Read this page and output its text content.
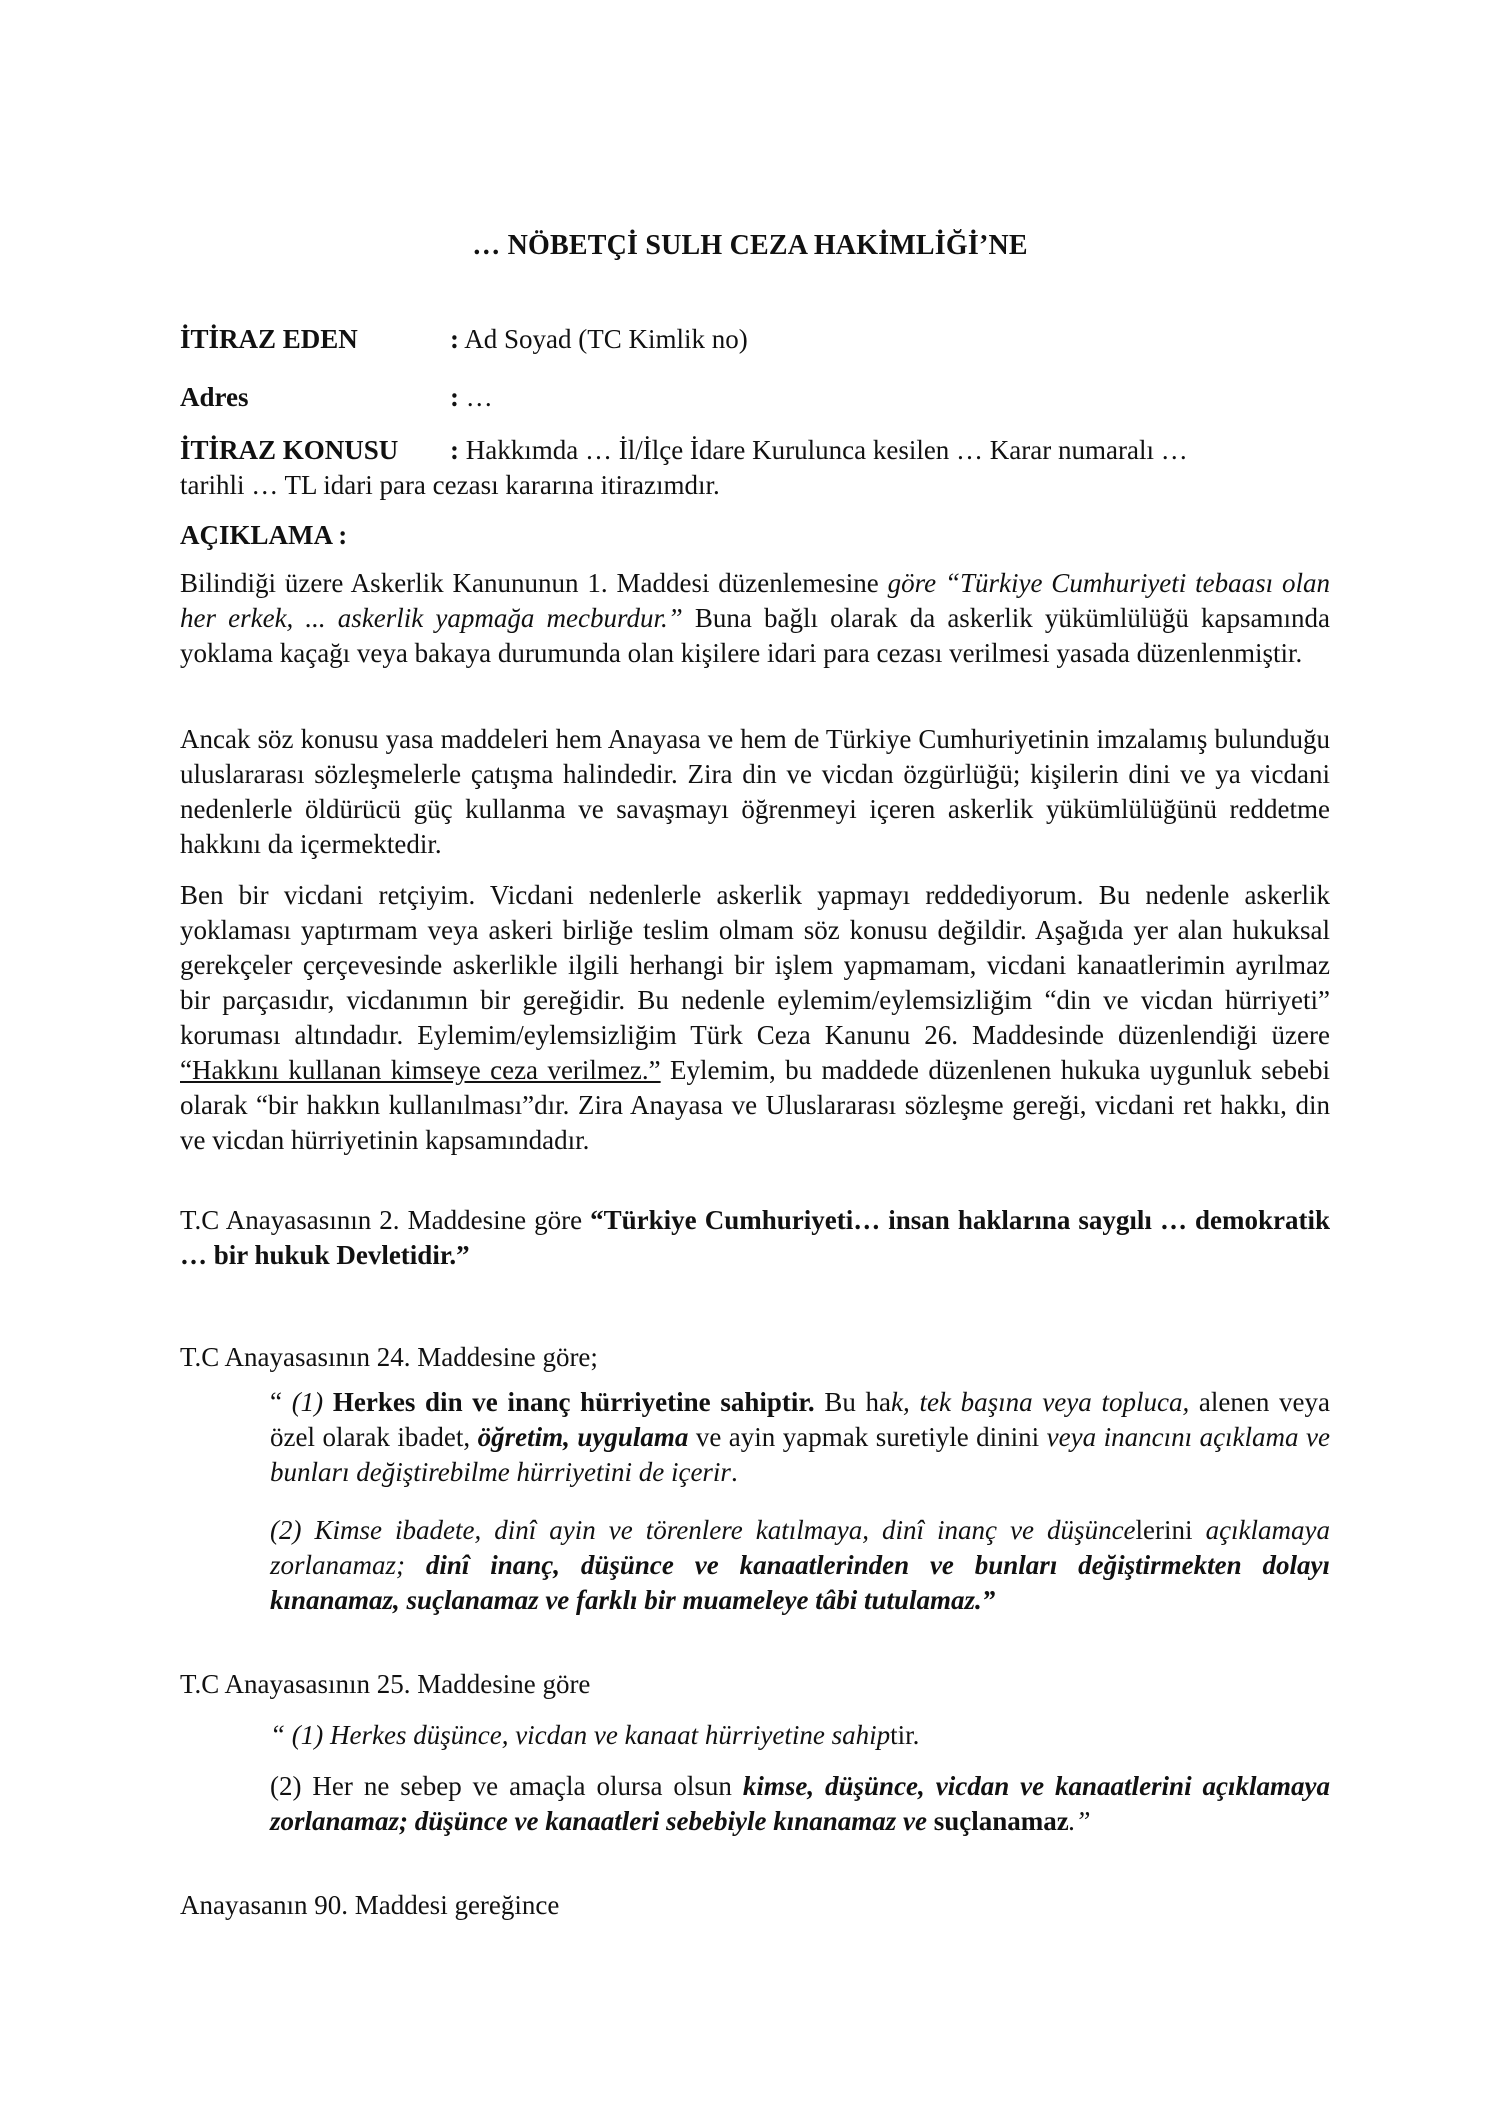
… NÖBETÇİ SULH CEZA HAKİMLİĞİ’NE
İTİRAZ EDEN	: Ad Soyad (TC Kimlik no)
Adres	: …
İTİRAZ KONUSU : Hakkımda … İl/İlçe İdare Kurulunca kesilen … Karar numaralı …
tarihli … TL idari para cezası kararına itirazımdır.
AÇIKLAMA :

Bilindiği üzere Askerlik Kanununun 1. Maddesi düzenlemesine göre “Türkiye Cumhuriyeti tebaası olan her erkek, ... askerlik yapmağa mecburdur.” Buna bağlı olarak da askerlik yükümlülüğü kapsamında yoklama kaçağı veya bakaya durumunda olan kişilere idari para cezası verilmesi yasada düzenlenmiştir.

Ancak söz konusu yasa maddeleri hem Anayasa ve hem de Türkiye Cumhuriyetinin imzalamış bulunduğu uluslararası sözleşmelerle çatışma halindedir. Zira din ve vicdan özgürlüğü; kişilerin dini ve ya vicdani nedenlerle öldürücü güç kullanma ve savaşmayı öğrenmeyi içeren askerlik yükümlülüğünü reddetme hakkını da içermektedir.

Ben bir vicdani retçiyim. Vicdani nedenlerle askerlik yapmayı reddediyorum. Bu nedenle askerlik yoklaması yaptırmam veya askeri birliğe teslim olmam söz konusu değildir. Aşağıda yer alan hukuksal gerekçeler çerçevesinde askerlikle ilgili herhangi bir işlem yapmamam, vicdani kanaatlerimin ayrılmaz bir parçasıdır, vicdanımın bir gereğidir. Bu nedenle eylemim/eylemsizliğim “din ve vicdan hürriyeti” koruması altındadır. Eylemim/eylemsizliğim Türk Ceza Kanunu 26. Maddesinde düzenlendiği üzere “Hakkını kullanan kimseye ceza verilmez.” Eylemim, bu maddede düzenlenen hukuka uygunluk sebebi olarak “bir hakkın kullanılması”dır. Zira Anayasa ve Uluslararası sözleşme gereği, vicdani ret hakkı, din ve vicdan hürriyetinin kapsamındadır.

T.C Anayasasının 2. Maddesine göre “Türkiye Cumhuriyeti… insan haklarına saygılı … demokratik … bir hukuk Devletidir.”

T.C Anayasasının 24. Maddesine göre;

“ (1) Herkes din ve inanç hürriyetine sahiptir. Bu hak, tek başına veya topluca, alenen veya özel olarak ibadet, öğretim, uygulama ve ayin yapmak suretiyle dinini veya inancını açıklama ve bunları değiştirebilme hürriyetini de içerir.

(2) Kimse ibadete, dinî ayin ve törenlere katılmaya, dinî inanç ve düşüncelerini açıklamaya zorlanamaz; dinî inanç, düşünce ve kanaatlerinden ve bunları değiştirmekten dolayı kınanamaz, suçlanamaz ve farklı bir muameleye tâbi tutulamaz.”

T.C Anayasasının 25. Maddesine göre

“ (1) Herkes düşünce, vicdan ve kanaat hürriyetine sahiptir.

(2) Her ne sebep ve amaçla olursa olsun kimse, düşünce, vicdan ve kanaatlerini açıklamaya zorlanamaz; düşünce ve kanaatleri sebebiyle kınanamaz ve suçlanamaz.”

Anayasanın 90. Maddesi gereğince
